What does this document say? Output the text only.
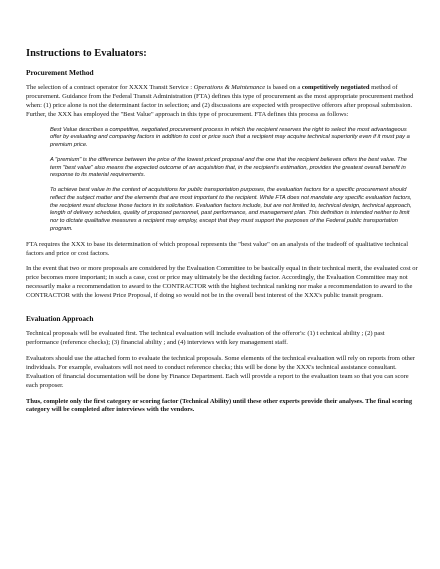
Instructions to Evaluators:
Procurement Method

The selection of a contract operator for XXXX Transit Service : Operations & Maintenance is based on a competitively negotiated method of procurement. Guidance from the Federal Transit Administration (FTA) defines this type of procurement as the most appropriate procurement method when: (1) price alone is not the determinant factor in selection; and (2) discussions are expected with prospective offerors after proposal submission. Further, the XXX has employed the "Best Value" approach in this type of procurement. FTA defines this process as follows:

Best Value describes a competitive, negotiated procurement process in which the recipient reserves the right to select the most advantageous offer by evaluating and comparing factors in addition to cost or price such that a recipient may acquire technical superiority even if it must pay a premium price.

A "premium" is the difference between the price of the lowest priced proposal and the one that the recipient believes offers the best value. The term "best value" also means the expected outcome of an acquisition that, in the recipient's estimation, provides the greatest overall benefit in response to its material requirements.

To achieve best value in the context of acquisitions for public transportation purposes, the evaluation factors for a specific procurement should reflect the subject matter and the elements that are most important to the recipient. While FTA does not mandate any specific evaluation factors, the recipient must disclose those factors in its solicitation. Evaluation factors include, but are not limited to, technical design, technical approach, length of delivery schedules, quality of proposed personnel, past performance, and management plan. This definition is intended neither to limit nor to dictate qualitative measures a recipient may employ, except that they must support the purposes of the Federal public transportation program.

FTA requires the XXX to base its determination of which proposal represents the "best value" on an analysis of the tradeoff of qualitative technical factors and price or cost factors.

In the event that two or more proposals are considered by the Evaluation Committee to be basically equal in their technical merit, the evaluated cost or price becomes more important; in such a case, cost or price may ultimately be the deciding factor. Accordingly, the Evaluation Committee may not necessarily make a recommendation to award to the CONTRACTOR with the highest technical ranking nor make a recommendation to award to the CONTRACTOR with the lowest Price Proposal, if doing so would not be in the overall best interest of the XXX's public transit program.

Evaluation Approach

Technical proposals will be evaluated first. The technical evaluation will include evaluation of the offeror's: (1) t echnical ability ; (2) past performance (reference checks); (3) financial ability ; and (4) interviews with key management staff.

Evaluators should use the attached form to evaluate the technical proposals. Some elements of the technical evaluation will rely on reports from other individuals. For example, evaluators will not need to conduct reference checks; this will be done by the XXX's technical assistance consultant. Evaluation of financial documentation will be done by Finance Department. Each will provide a report to the evaluation team so that you can score each proposer.

Thus, complete only the first category or scoring factor (Technical Ability) until these other experts provide their analyses. The final scoring category will be completed after interviews with the vendors.
